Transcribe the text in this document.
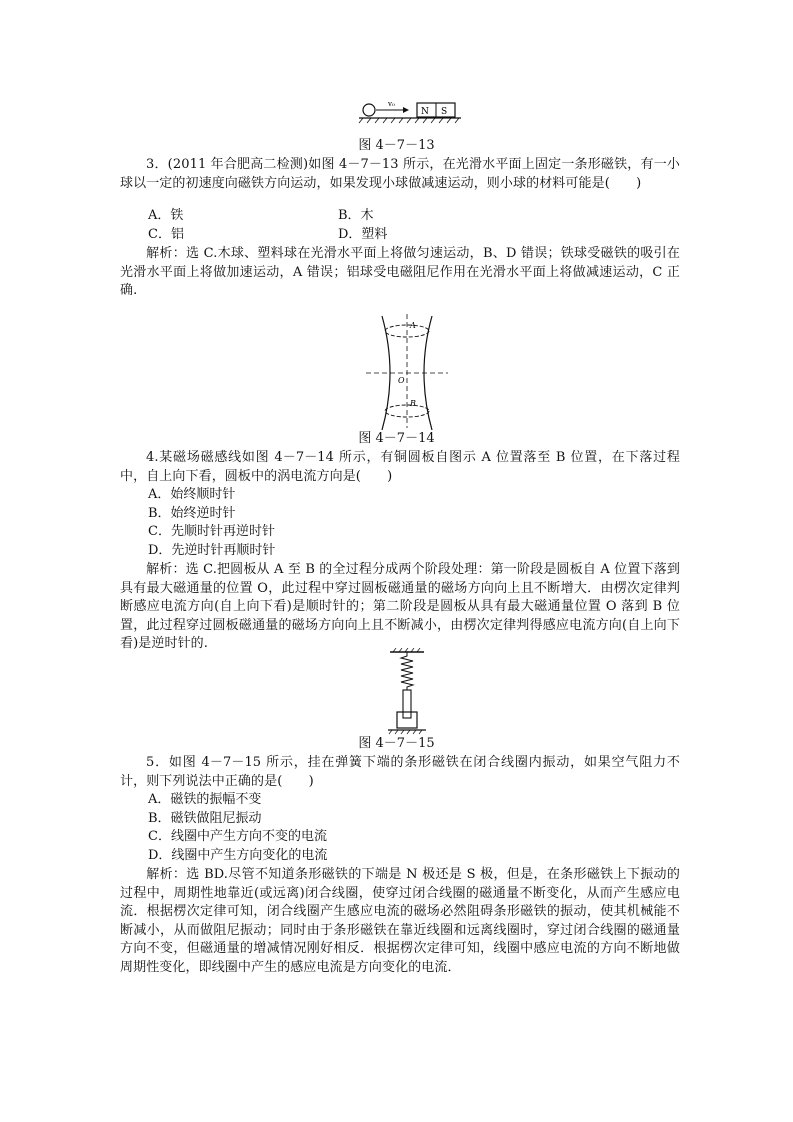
v₀
N S
图 4－7－13
3．(2011 年合肥高二检测)如图 4－7－13 所示，在光滑水平面上固定一条形磁铁，有一小球以一定的初速度向磁铁方向运动，如果发现小球做减速运动，则小球的材料可能是(　　)
A．铁	B．木
C．铝	D．塑料
解析：选 C.木球、塑料球在光滑水平面上将做匀速运动，B、D 错误；铁球受磁铁的吸引在光滑水平面上将做加速运动，A 错误；铝球受电磁阻尼作用在光滑水平面上将做减速运动，C 正确.
A
O
B
图 4－7－14
4.某磁场磁感线如图 4－7－14 所示，有铜圆板自图示 A 位置落至 B 位置，在下落过程中，自上向下看，圆板中的涡电流方向是(　　)
A．始终顺时针
B．始终逆时针
C．先顺时针再逆时针
D．先逆时针再顺时针
解析：选 C.把圆板从 A 至 B 的全过程分成两个阶段处理：第一阶段是圆板自 A 位置下落到具有最大磁通量的位置 O，此过程中穿过圆板磁通量的磁场方向向上且不断增大．由楞次定律判断感应电流方向(自上向下看)是顺时针的；第二阶段是圆板从具有最大磁通量位置 O 落到 B 位置，此过程穿过圆板磁通量的磁场方向向上且不断减小，由楞次定律判得感应电流方向(自上向下看)是逆时针的.
图 4－7－15
5．如图 4－7－15 所示，挂在弹簧下端的条形磁铁在闭合线圈内振动，如果空气阻力不计，则下列说法中正确的是(　　)
A．磁铁的振幅不变
B．磁铁做阻尼振动
C．线圈中产生方向不变的电流
D．线圈中产生方向变化的电流
解析：选 BD.尽管不知道条形磁铁的下端是 N 极还是 S 极，但是，在条形磁铁上下振动的过程中，周期性地靠近(或远离)闭合线圈，使穿过闭合线圈的磁通量不断变化，从而产生感应电流．根据楞次定律可知，闭合线圈产生感应电流的磁场必然阻碍条形磁铁的振动，使其机械能不断减小，从而做阻尼振动；同时由于条形磁铁在靠近线圈和远离线圈时，穿过闭合线圈的磁通量方向不变，但磁通量的增减情况刚好相反．根据楞次定律可知，线圈中感应电流的方向不断地做周期性变化，即线圈中产生的感应电流是方向变化的电流．
